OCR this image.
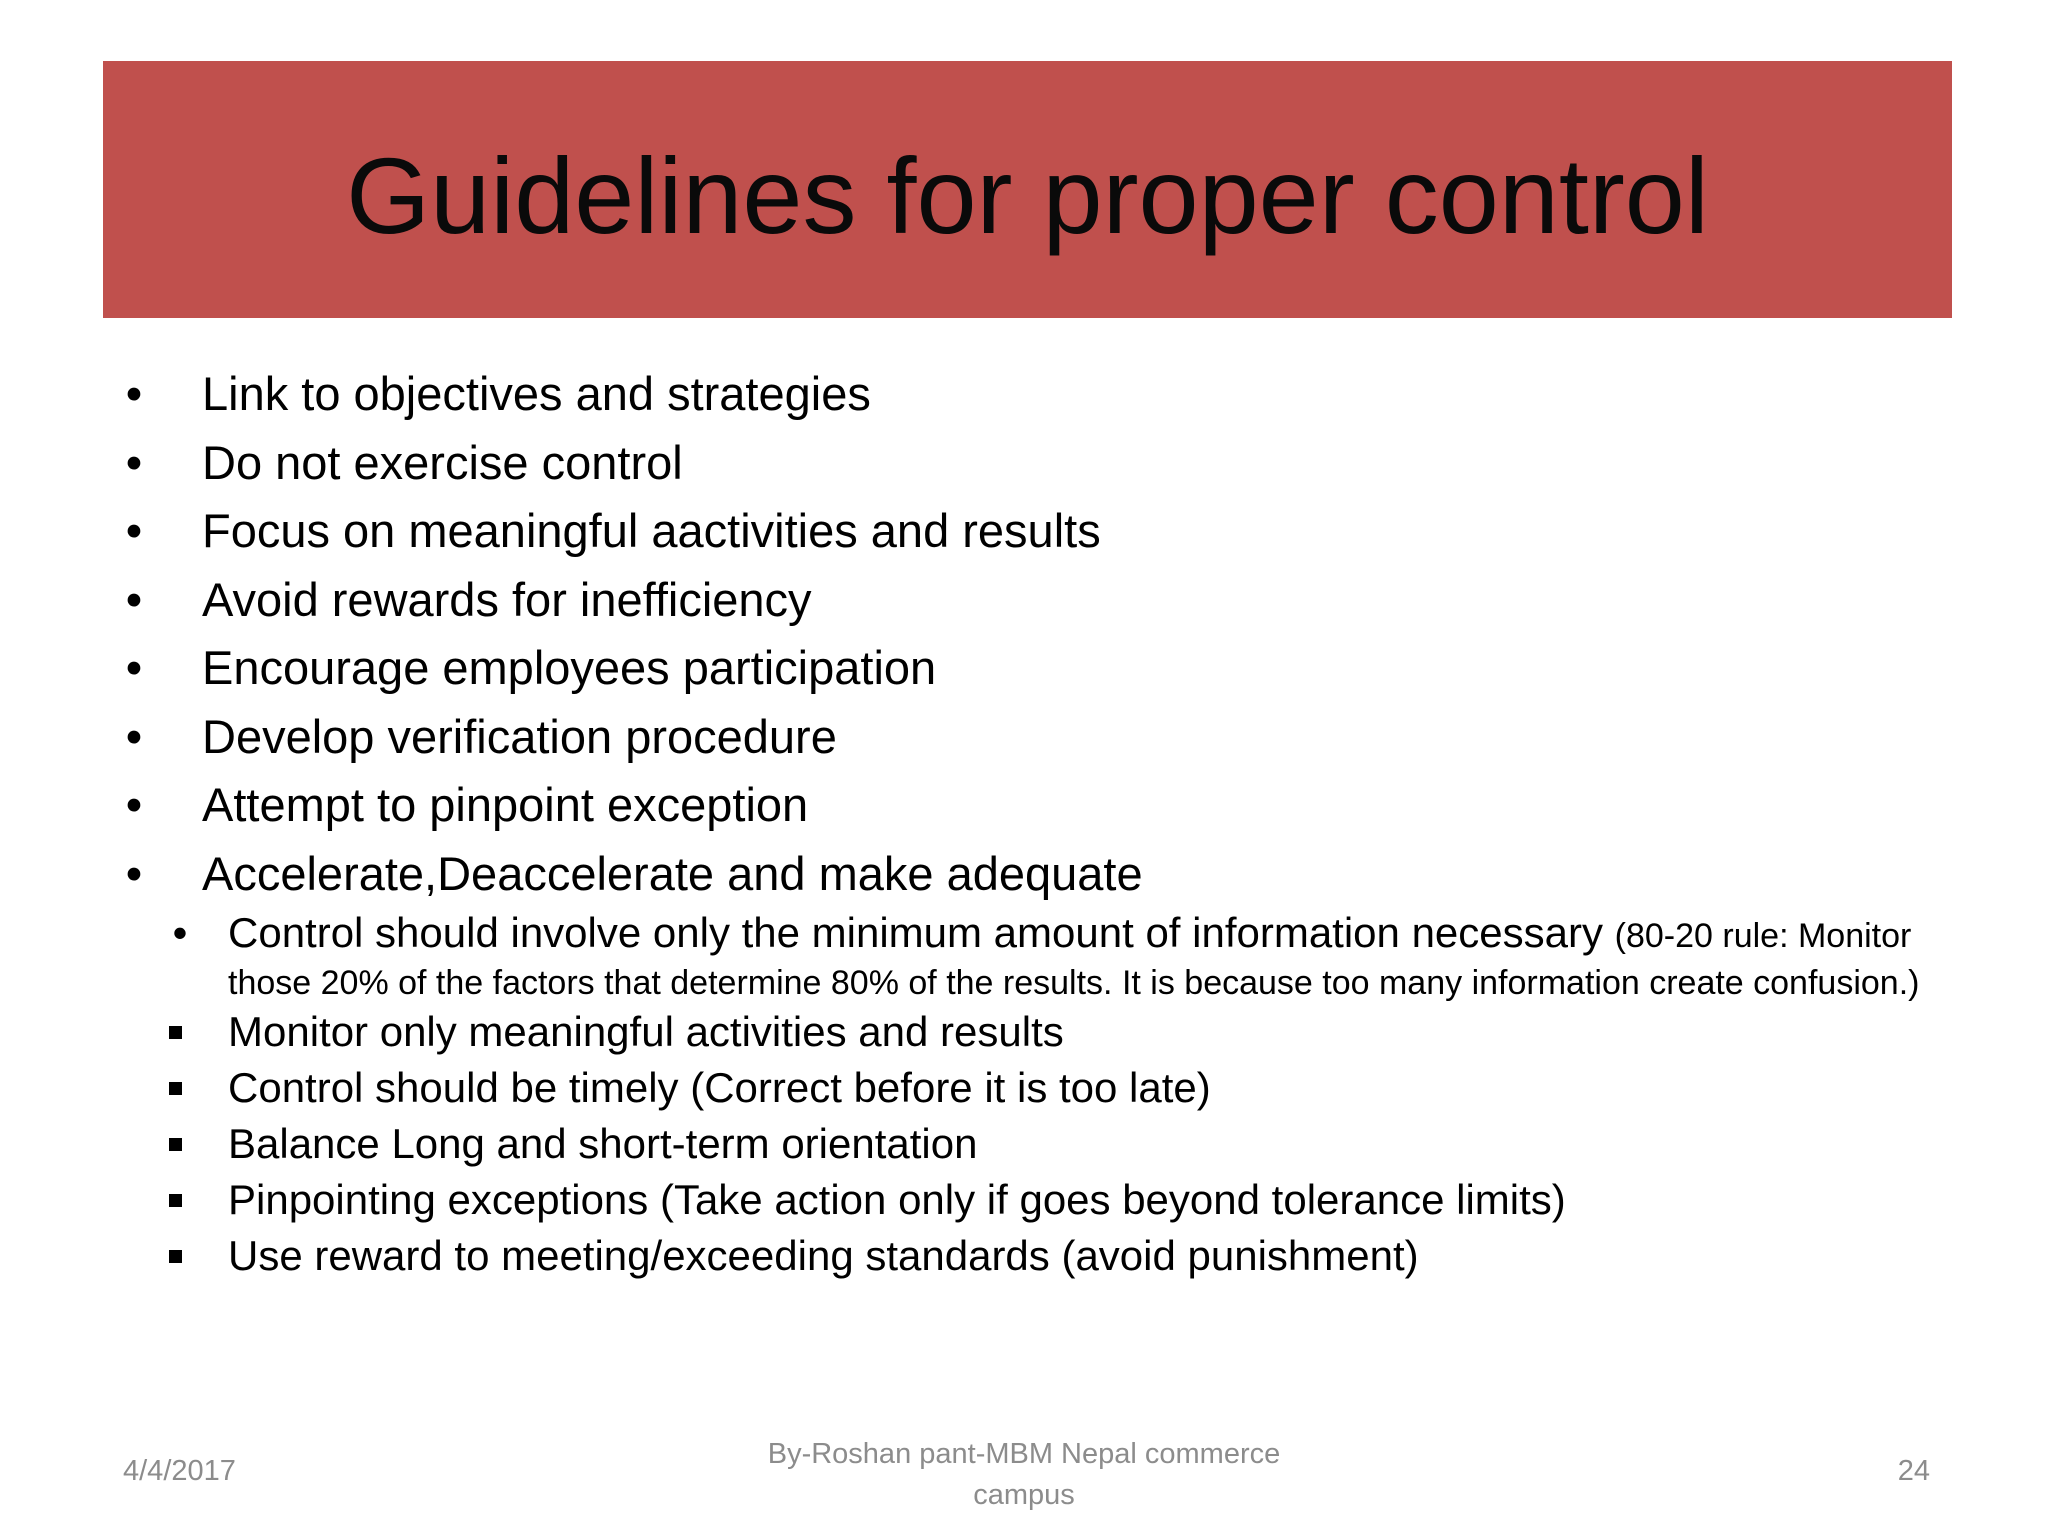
Guidelines for proper control
• Link to objectives and strategies
• Do not exercise control
• Focus on meaningful aactivities and results
• Avoid rewards for inefficiency
• Encourage employees participation
• Develop verification procedure
• Attempt to pinpoint exception
• Accelerate,Deaccelerate and make adequate
• Control should involve only the minimum amount of information necessary (80-20 rule: Monitor those 20% of the factors that determine 80% of the results. It is because too many information create confusion.)
Monitor only meaningful activities and results
Control should be timely (Correct before it is too late)
Balance Long and short-term orientation
Pinpointing exceptions (Take action only if goes beyond tolerance limits)
Use reward to meeting/exceeding standards (avoid punishment)
4/4/2017
By-Roshan pant-MBM Nepal commerce
campus
24
